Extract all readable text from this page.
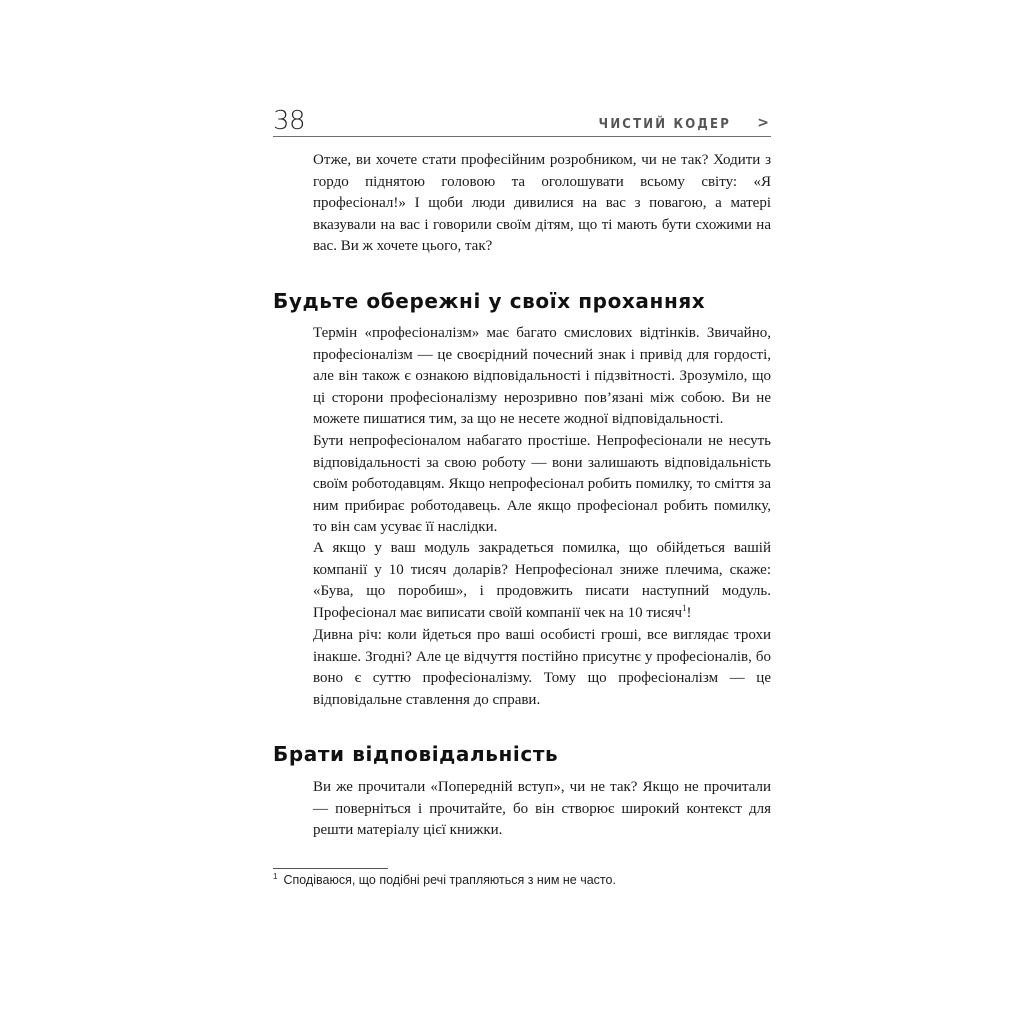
38	ЧИСТИЙ КОДЕР >

Отже, ви хочете стати професійним розробником, чи не так? Ходити з гордо піднятою головою та оголошувати всьому світу: «Я професіонал!» І щоби люди дивилися на вас з повагою, а матері вказували на вас і говорили своїм дітям, що ті мають бути схожими на вас. Ви ж хочете цього, так?

Будьте обережні у своїх проханнях

Термін «професіоналізм» має багато смислових відтінків. Звичайно, професіоналізм — це своєрідний почесний знак і привід для гордості, але він також є ознакою відповідальності і підзвітності. Зрозуміло, що ці сторони професіоналізму нерозривно пов’язані між собою. Ви не можете пишатися тим, за що не несете жодної відповідальності.

Бути непрофесіоналом набагато простіше. Непрофесіонали не несуть відповідальності за свою роботу — вони залишають відповідальність своїм роботодавцям. Якщо непрофесіонал робить помилку, то сміття за ним прибирає роботодавець. Але якщо професіонал робить помилку, то він сам усуває її наслідки.

А якщо у ваш модуль закрадеться помилка, що обійдеться вашій компанії у 10 тисяч доларів? Непрофесіонал зниже плечима, скаже: «Бува, що поробиш», і продовжить писати наступний модуль. Професіонал має виписати своїй компанії чек на 10 тисяч$^1$!

Дивна річ: коли йдеться про ваші особисті гроші, все виглядає трохи інакше. Згодні? Але це відчуття постійно присутнє у професіоналів, бо воно є суттю професіоналізму. Тому що професіоналізм — це відповідальне ставлення до справи.

Брати відповідальність

Ви же прочитали «Попередній вступ», чи не так? Якщо не прочитали — поверніться і прочитайте, бо він створює широкий контекст для решти матеріалу цієї книжки.

$^1$ Сподіваюся, що подібні речі трапляються з ним не часто.
